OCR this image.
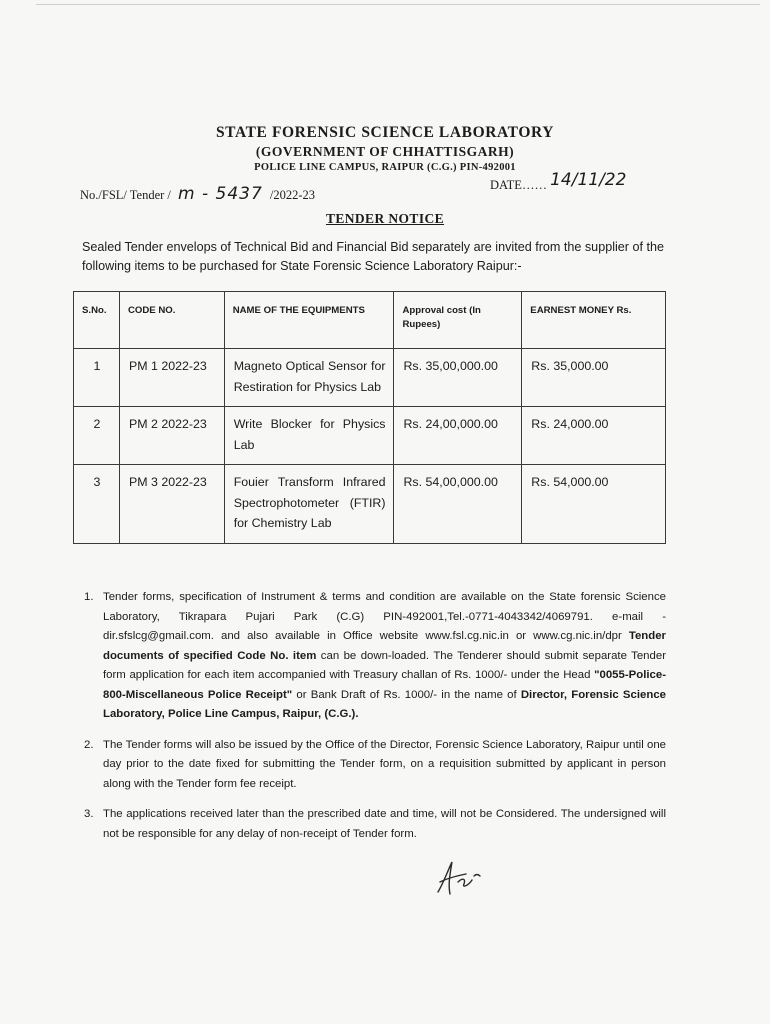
STATE FORENSIC SCIENCE LABORATORY
(GOVERNMENT OF CHHATTISGARH)
POLICE LINE CAMPUS, RAIPUR (C.G.) PIN-492001
No./FSL/ Tender / m - 5437 /2022-23
DATE…… 14/11/22
TENDER NOTICE
Sealed Tender envelops of Technical Bid and Financial Bid separately are invited from the supplier of the following items to be purchased for State Forensic Science Laboratory Raipur:-
S.No.	CODE NO.	NAME OF THE EQUIPMENTS	Approval cost (In Rupees)	EARNEST MONEY Rs.
1	PM 1 2022-23	Magneto Optical Sensor for Restiration for Physics Lab	Rs. 35,00,000.00	Rs. 35,000.00
2	PM 2 2022-23	Write Blocker for Physics Lab	Rs. 24,00,000.00	Rs. 24,000.00
3	PM 3 2022-23	Fouier Transform Infrared Spectrophotometer (FTIR) for Chemistry Lab	Rs. 54,00,000.00	Rs. 54,000.00
1. Tender forms, specification of Instrument & terms and condition are available on the State forensic Science Laboratory, Tikrapara Pujari Park (C.G) PIN-492001,Tel.-0771-4043342/4069791. e-mail - dir.sfslcg@gmail.com. and also available in Office website www.fsl.cg.nic.in or www.cg.nic.in/dpr Tender documents of specified Code No. item can be down-loaded. The Tenderer should submit separate Tender form application for each item accompanied with Treasury challan of Rs. 1000/- under the Head "0055-Police-800-Miscellaneous Police Receipt" or Bank Draft of Rs. 1000/- in the name of Director, Forensic Science Laboratory, Police Line Campus, Raipur, (C.G.).
2. The Tender forms will also be issued by the Office of the Director, Forensic Science Laboratory, Raipur until one day prior to the date fixed for submitting the Tender form, on a requisition submitted by applicant in person along with the Tender form fee receipt.
3. The applications received later than the prescribed date and time, will not be Considered. The undersigned will not be responsible for any delay of non-receipt of Tender form.
